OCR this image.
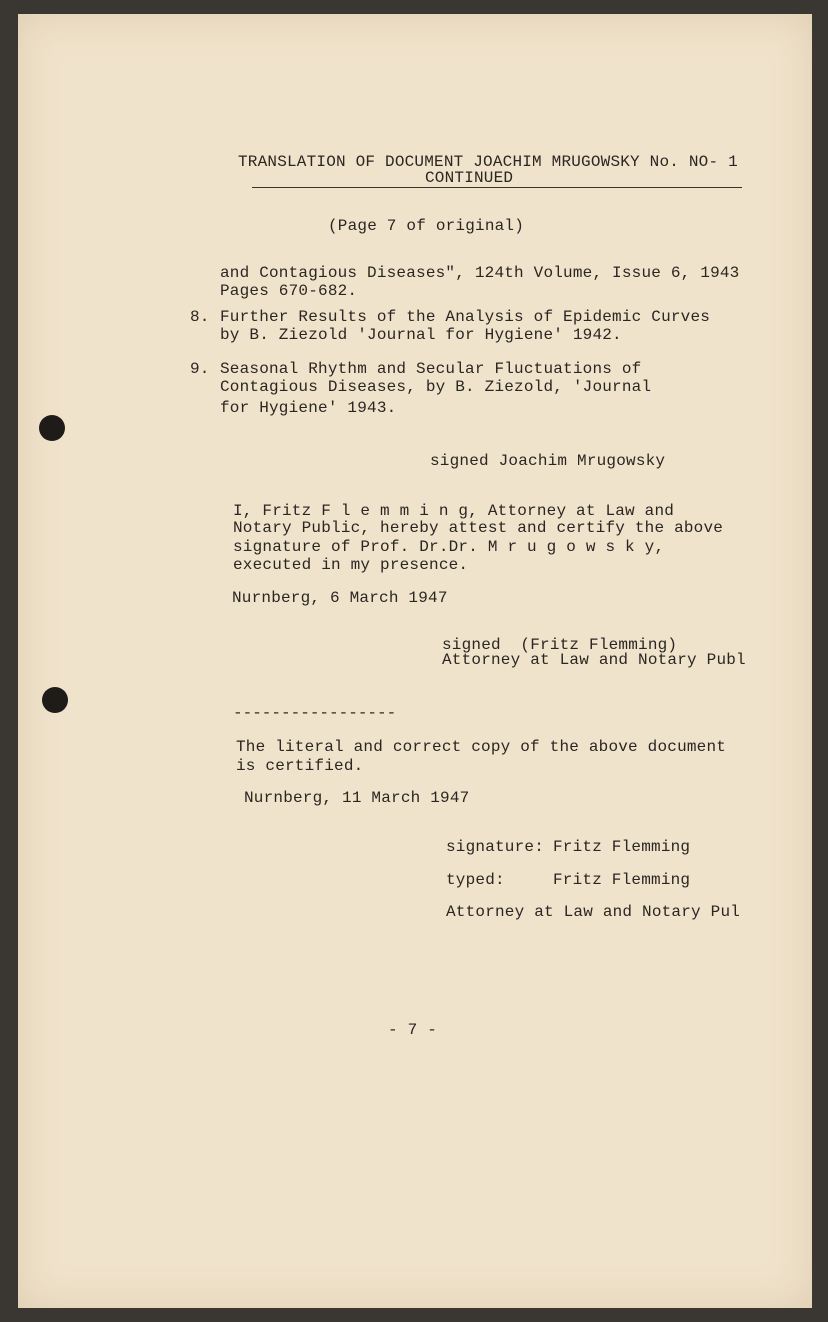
TRANSLATION OF DOCUMENT JOACHIM MRUGOWSKY No. NO- 1
CONTINUED
(Page 7 of original)
and Contagious Diseases", 124th Volume, Issue 6, 1943
Pages 670-682.
8. Further Results of the Analysis of Epidemic Curves
by B. Ziezold 'Journal for Hygiene' 1942.
9. Seasonal Rhythm and Secular Fluctuations of
Contagious Diseases, by B. Ziezold, 'Journal
for Hygiene' 1943.
signed Joachim Mrugowsky
I, Fritz F l e m m i n g, Attorney at Law and
Notary Public, hereby attest and certify the above
signature of Prof. Dr.Dr. M r u g o w s k y,
executed in my presence.
Nurnberg, 6 March 1947
signed  (Fritz Flemming)
Attorney at Law and Notary Publ
-----------------
The literal and correct copy of the above document
is certified.
Nurnberg, 11 March 1947
signature: Fritz Flemming
typed:	Fritz Flemming
Attorney at Law and Notary Pul
- 7 -
